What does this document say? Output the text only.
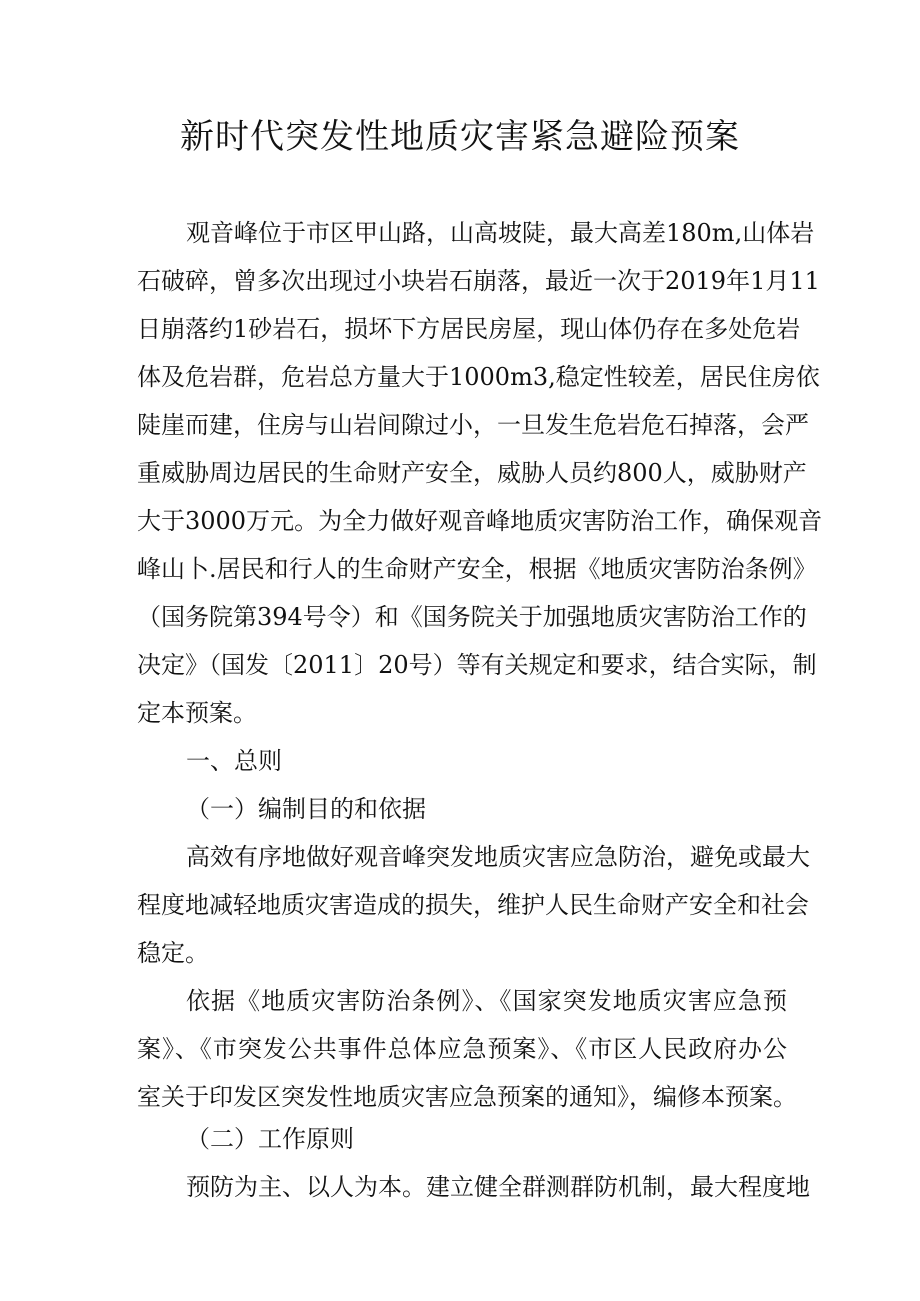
新时代突发性地质灾害紧急避险预案
观音峰位于市区甲山路，山高坡陡，最大高差180m,山体岩
石破碎，曾多次出现过小块岩石崩落，最近一次于2019年1月11
日崩落约1砂岩石，损坏下方居民房屋，现山体仍存在多处危岩
体及危岩群，危岩总方量大于1000m3,稳定性较差，居民住房依
陡崖而建，住房与山岩间隙过小，一旦发生危岩危石掉落，会严
重威胁周边居民的生命财产安全，威胁人员约800人，威胁财产
大于3000万元。为全力做好观音峰地质灾害防治工作，确保观音
峰山卜.居民和行人的生命财产安全，根据《地质灾害防治条例》
（国务院第394号令）和《国务院关于加强地质灾害防治工作的
决定》（国发〔2011〕20号）等有关规定和要求，结合实际，制
定本预案。
一、总则
（一）编制目的和依据
高效有序地做好观音峰突发地质灾害应急防治，避免或最大
程度地减轻地质灾害造成的损失，维护人民生命财产安全和社会
稳定。
依据《地质灾害防治条例》、《国家突发地质灾害应急预
案》、《市突发公共事件总体应急预案》、《市区人民政府办公
室关于印发区突发性地质灾害应急预案的通知》，编修本预案。
（二）工作原则
预防为主、以人为本。建立健全群测群防机制，最大程度地
